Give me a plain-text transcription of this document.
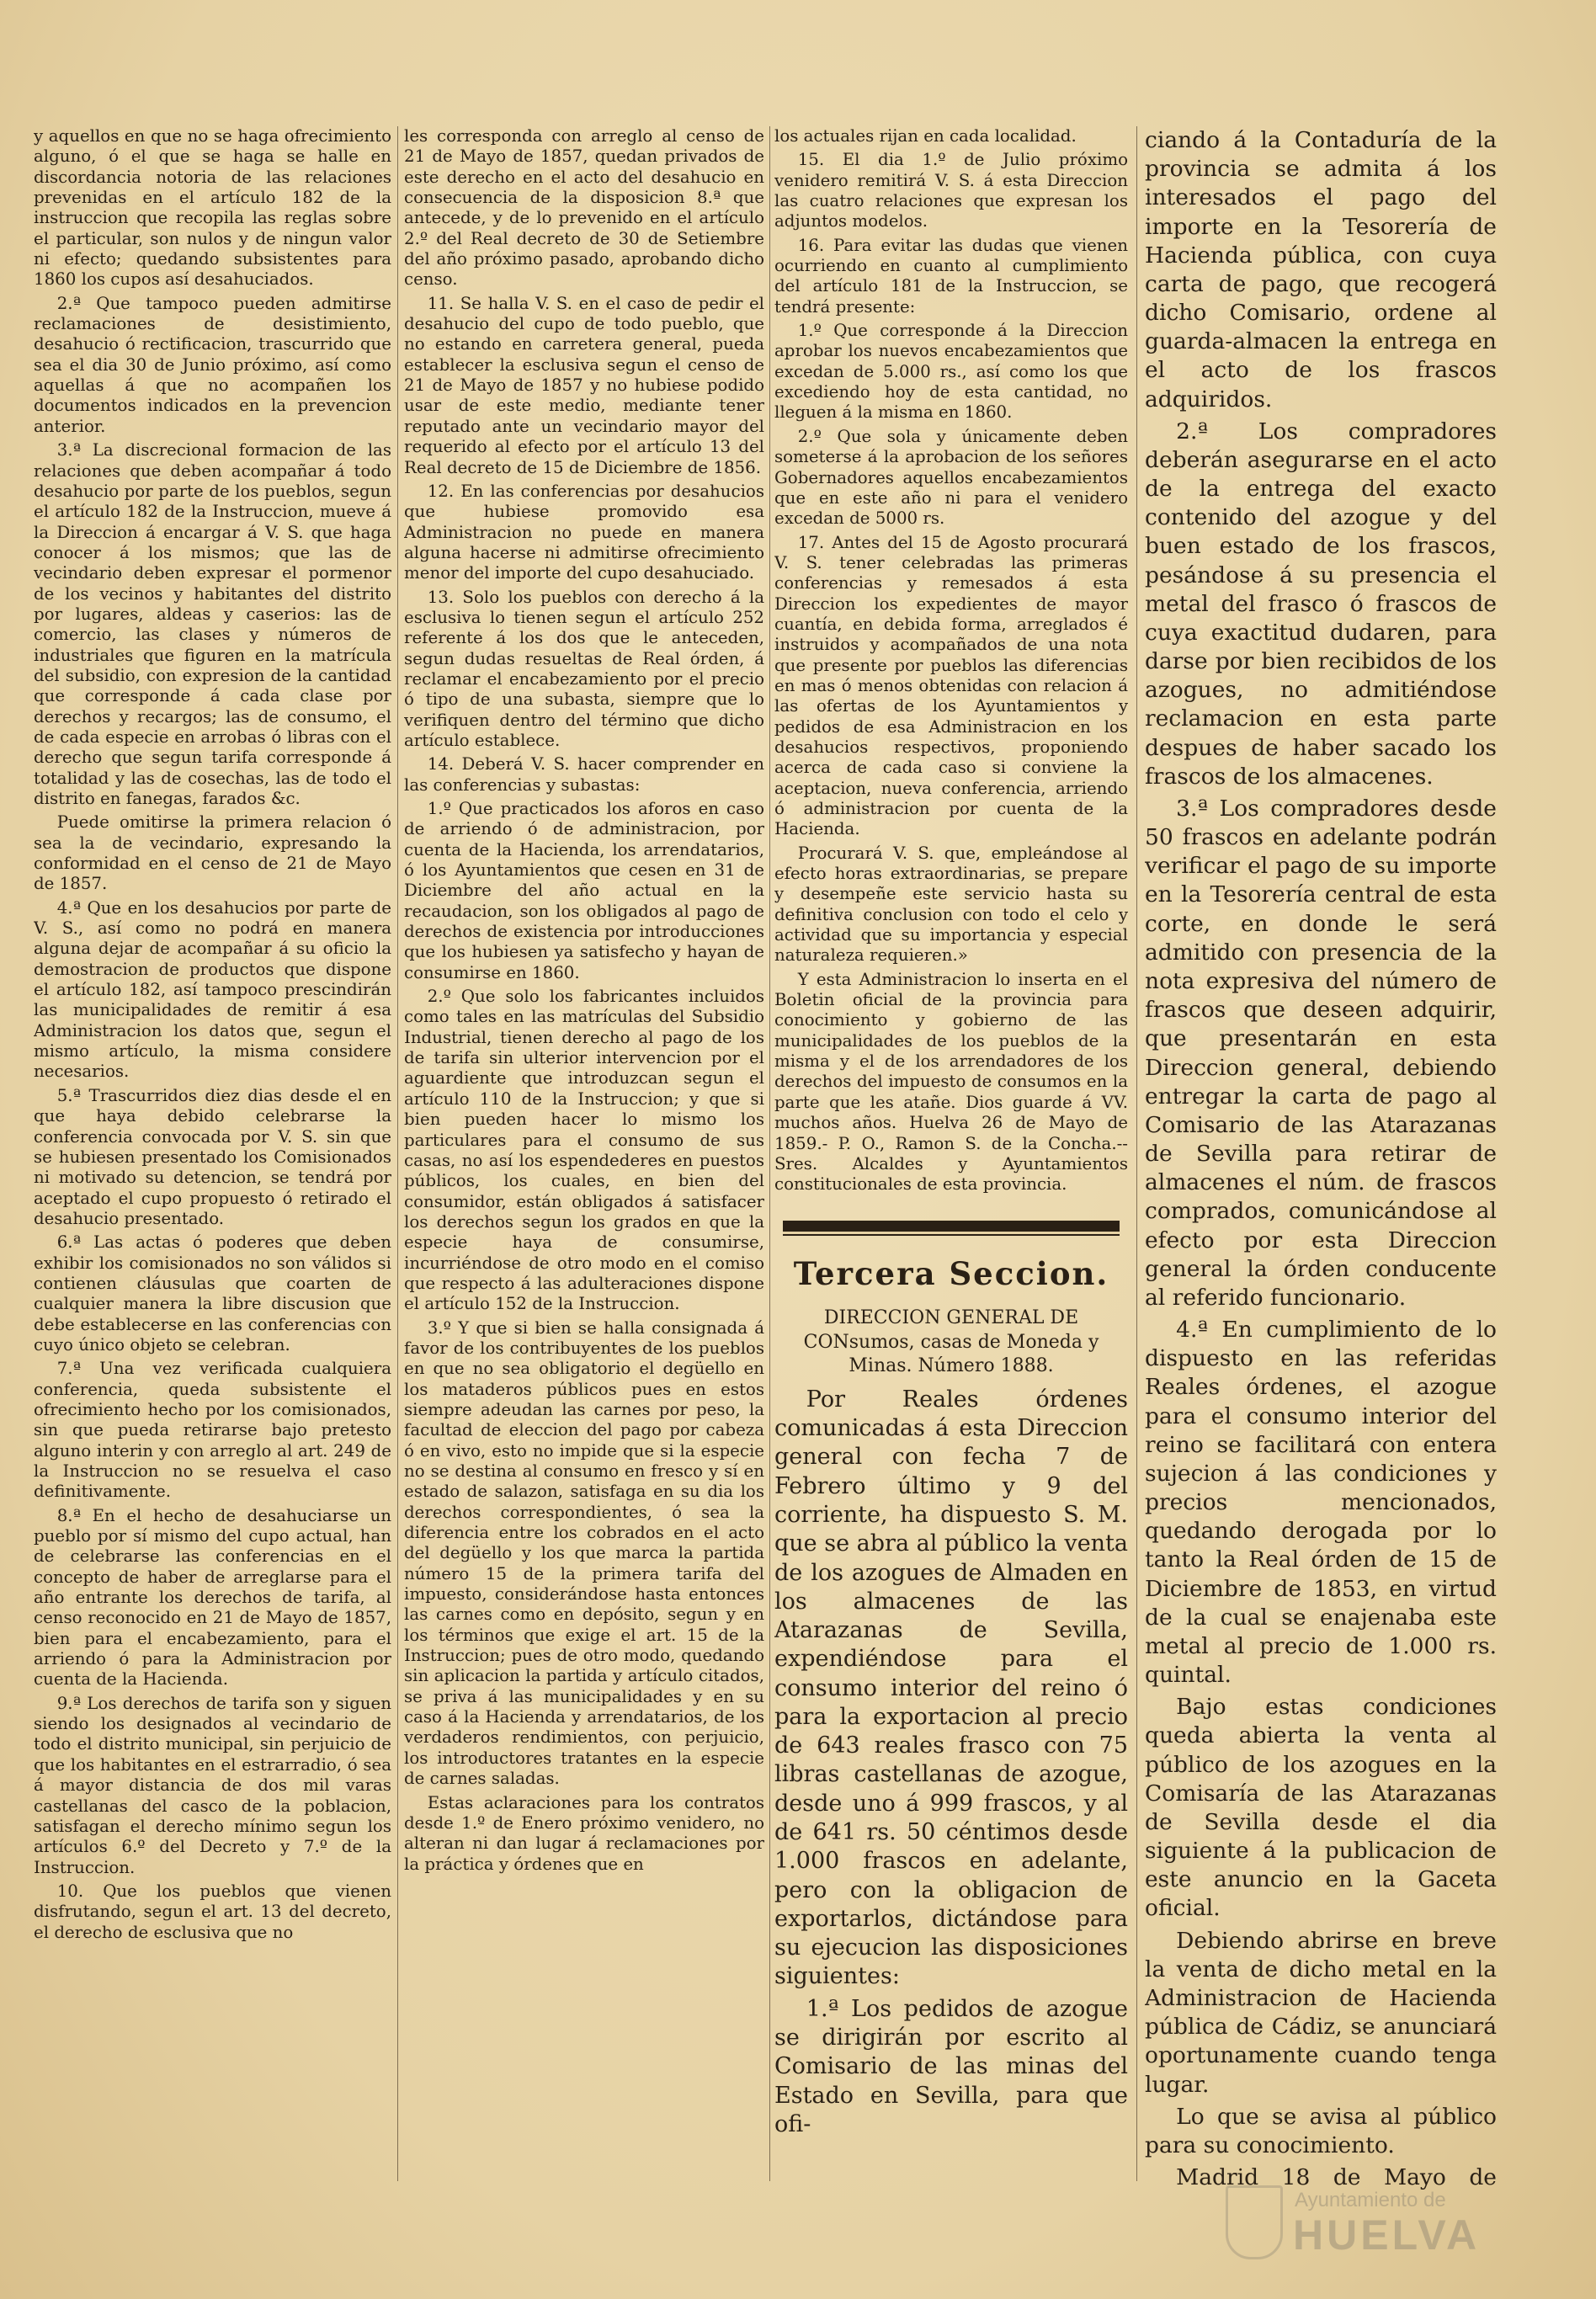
y aquellos en que no se haga ofrecimiento alguno, ó el que se haga se halle en discordancia notoria de las relaciones prevenidas en el artículo 182 de la instruccion que recopila las reglas sobre el particular, son nulos y de ningun valor ni efecto; quedando subsistentes para 1860 los cupos así desahuciados.

2.ª Que tampoco pueden admitirse reclamaciones de desistimiento, desahucio ó rectificacion, trascurrido que sea el dia 30 de Junio próximo, así como aquellas á que no acompañen los documentos indicados en la prevencion anterior.

3.ª La discrecional formacion de las relaciones que deben acompañar á todo desahucio por parte de los pueblos, segun el artículo 182 de la Instruccion, mueve á la Direccion á encargar á V. S. que haga conocer á los mismos; que las de vecindario deben expresar el pormenor de los vecinos y habitantes del distrito por lugares, aldeas y caserios: las de comercio, las clases y números de industriales que figuren en la matrícula del subsidio, con expresion de la cantidad que corresponde á cada clase por derechos y recargos; las de consumo, el de cada especie en arrobas ó libras con el derecho que segun tarifa corresponde á totalidad y las de cosechas, las de todo el distrito en fanegas, farados &c.

Puede omitirse la primera relacion ó sea la de vecindario, expresando la conformidad en el censo de 21 de Mayo de 1857.

4.ª Que en los desahucios por parte de V. S., así como no podrá en manera alguna dejar de acompañar á su oficio la demostracion de productos que dispone el artículo 182, así tampoco prescindirán las municipalidades de remitir á esa Administracion los datos que, segun el mismo artículo, la misma considere necesarios.

5.ª Trascurridos diez dias desde el en que haya debido celebrarse la conferencia convocada por V. S. sin que se hubiesen presentado los Comisionados ni motivado su detencion, se tendrá por aceptado el cupo propuesto ó retirado el desahucio presentado.

6.ª Las actas ó poderes que deben exhibir los comisionados no son válidos si contienen cláusulas que coarten de cualquier manera la libre discusion que debe establecerse en las conferencias con cuyo único objeto se celebran.

7.ª Una vez verificada cualquiera conferencia, queda subsistente el ofrecimiento hecho por los comisionados, sin que pueda retirarse bajo pretesto alguno interin y con arreglo al art. 249 de la Instruccion no se resuelva el caso definitivamente.

8.ª En el hecho de desahuciarse un pueblo por sí mismo del cupo actual, han de celebrarse las conferencias en el concepto de haber de arreglarse para el año entrante los derechos de tarifa, al censo reconocido en 21 de Mayo de 1857, bien para el encabezamiento, para el arriendo ó para la Administracion por cuenta de la Hacienda.

9.ª Los derechos de tarifa son y siguen siendo los designados al vecindario de todo el distrito municipal, sin perjuicio de que los habitantes en el estrarradio, ó sea á mayor distancia de dos mil varas castellanas del casco de la poblacion, satisfagan el derecho mínimo segun los artículos 6.º del Decreto y 7.º de la Instruccion.

10. Que los pueblos que vienen disfrutando, segun el art. 13 del decreto, el derecho de esclusiva que no

les corresponda con arreglo al censo de 21 de Mayo de 1857, quedan privados de este derecho en el acto del desahucio en consecuencia de la disposicion 8.ª que antecede, y de lo prevenido en el artículo 2.º del Real decreto de 30 de Setiembre del año próximo pasado, aprobando dicho censo.

11. Se halla V. S. en el caso de pedir el desahucio del cupo de todo pueblo, que no estando en carretera general, pueda establecer la esclusiva segun el censo de 21 de Mayo de 1857 y no hubiese podido usar de este medio, mediante tener reputado ante un vecindario mayor del requerido al efecto por el artículo 13 del Real decreto de 15 de Diciembre de 1856.

12. En las conferencias por desahucios que hubiese promovido esa Administracion no puede en manera alguna hacerse ni admitirse ofrecimiento menor del importe del cupo desahuciado.

13. Solo los pueblos con derecho á la esclusiva lo tienen segun el artículo 252 referente á los dos que le anteceden, segun dudas resueltas de Real órden, á reclamar el encabezamiento por el precio ó tipo de una subasta, siempre que lo verifiquen dentro del término que dicho artículo establece.

14. Deberá V. S. hacer comprender en las conferencias y subastas:

1.º Que practicados los aforos en caso de arriendo ó de administracion, por cuenta de la Hacienda, los arrendatarios, ó los Ayuntamientos que cesen en 31 de Diciembre del año actual en la recaudacion, son los obligados al pago de derechos de existencia por introducciones que los hubiesen ya satisfecho y hayan de consumirse en 1860.

2.º Que solo los fabricantes incluidos como tales en las matrículas del Subsidio Industrial, tienen derecho al pago de los de tarifa sin ulterior intervencion por el aguardiente que introduzcan segun el artículo 110 de la Instruccion; y que si bien pueden hacer lo mismo los particulares para el consumo de sus casas, no así los espendederes en puestos públicos, los cuales, en bien del consumidor, están obligados á satisfacer los derechos segun los grados en que la especie haya de consumirse, incurriéndose de otro modo en el comiso que respecto á las adulteraciones dispone el artículo 152 de la Instruccion.

3.º Y que si bien se halla consignada á favor de los contribuyentes de los pueblos en que no sea obligatorio el degüello en los mataderos públicos pues en estos siempre adeudan las carnes por peso, la facultad de eleccion del pago por cabeza ó en vivo, esto no impide que si la especie no se destina al consumo en fresco y sí en estado de salazon, satisfaga en su dia los derechos correspondientes, ó sea la diferencia entre los cobrados en el acto del degüello y los que marca la partida número 15 de la primera tarifa del impuesto, considerándose hasta entonces las carnes como en depósito, segun y en los términos que exige el art. 15 de la Instruccion; pues de otro modo, quedando sin aplicacion la partida y artículo citados, se priva á las municipalidades y en su caso á la Hacienda y arrendatarios, de los verdaderos rendimientos, con perjuicio, los introductores tratantes en la especie de carnes saladas.

Estas aclaraciones para los contratos desde 1.º de Enero próximo venidero, no alteran ni dan lugar á reclamaciones por la práctica y órdenes que en

los actuales rijan en cada localidad.

15. El dia 1.º de Julio próximo venidero remitirá V. S. á esta Direccion las cuatro relaciones que expresan los adjuntos modelos.

16. Para evitar las dudas que vienen ocurriendo en cuanto al cumplimiento del artículo 181 de la Instruccion, se tendrá presente:

1.º Que corresponde á la Direccion aprobar los nuevos encabezamientos que excedan de 5.000 rs., así como los que excediendo hoy de esta cantidad, no lleguen á la misma en 1860.

2.º Que sola y únicamente deben someterse á la aprobacion de los señores Gobernadores aquellos encabezamientos que en este año ni para el venidero excedan de 5000 rs.

17. Antes del 15 de Agosto procurará V. S. tener celebradas las primeras conferencias y remesados á esta Direccion los expedientes de mayor cuantía, en debida forma, arreglados é instruidos y acompañados de una nota que presente por pueblos las diferencias en mas ó menos obtenidas con relacion á las ofertas de los Ayuntamientos y pedidos de esa Administracion en los desahucios respectivos, proponiendo acerca de cada caso si conviene la aceptacion, nueva conferencia, arriendo ó administracion por cuenta de la Hacienda.

Procurará V. S. que, empleándose al efecto horas extraordinarias, se prepare y desempeñe este servicio hasta su definitiva conclusion con todo el celo y actividad que su importancia y especial naturaleza requieren.»

Y esta Administracion lo inserta en el Boletin oficial de la provincia para conocimiento y gobierno de las municipalidades de los pueblos de la misma y el de los arrendadores de los derechos del impuesto de consumos en la parte que les atañe. Dios guarde á VV. muchos años. Huelva 26 de Mayo de 1859.- P. O., Ramon S. de la Concha.--Sres. Alcaldes y Ayuntamientos constitucionales de esta provincia.

Tercera Seccion.
DIRECCION GENERAL DE CONsumos, casas de Moneda y Minas. Número 1888.

Por Reales órdenes comunicadas á esta Direccion general con fecha 7 de Febrero último y 9 del corriente, ha dispuesto S. M. que se abra al público la venta de los azogues de Almaden en los almacenes de las Atarazanas de Sevilla, expendiéndose para el consumo interior del reino ó para la exportacion al precio de 643 reales frasco con 75 libras castellanas de azogue, desde uno á 999 frascos, y al de 641 rs. 50 céntimos desde 1.000 frascos en adelante, pero con la obligacion de exportarlos, dictándose para su ejecucion las disposiciones siguientes:

1.ª Los pedidos de azogue se dirigirán por escrito al Comisario de las minas del Estado en Sevilla, para que ofi-

ciando á la Contaduría de la provincia se admita á los interesados el pago del importe en la Tesorería de Hacienda pública, con cuya carta de pago, que recogerá dicho Comisario, ordene al guarda-almacen la entrega en el acto de los frascos adquiridos.

2.ª Los compradores deberán asegurarse en el acto de la entrega del exacto contenido del azogue y del buen estado de los frascos, pesándose á su presencia el metal del frasco ó frascos de cuya exactitud dudaren, para darse por bien recibidos de los azogues, no admitiéndose reclamacion en esta parte despues de haber sacado los frascos de los almacenes.

3.ª Los compradores desde 50 frascos en adelante podrán verificar el pago de su importe en la Tesorería central de esta corte, en donde le será admitido con presencia de la nota expresiva del número de frascos que deseen adquirir, que presentarán en esta Direccion general, debiendo entregar la carta de pago al Comisario de las Atarazanas de Sevilla para retirar de almacenes el núm. de frascos comprados, comunicándose al efecto por esta Direccion general la órden conducente al referido funcionario.

4.ª En cumplimiento de lo dispuesto en las referidas Reales órdenes, el azogue para el consumo interior del reino se facilitará con entera sujecion á las condiciones y precios mencionados, quedando derogada por lo tanto la Real órden de 15 de Diciembre de 1853, en virtud de la cual se enajenaba este metal al precio de 1.000 rs. quintal.

Bajo estas condiciones queda abierta la venta al público de los azogues en la Comisaría de las Atarazanas de Sevilla desde el dia siguiente á la publicacion de este anuncio en la Gaceta oficial.

Debiendo abrirse en breve la venta de dicho metal en la Administracion de Hacienda pública de Cádiz, se anunciará oportunamente cuando tenga lugar.

Lo que se avisa al público para su conocimiento.

Madrid 18 de Mayo de

Ayuntamiento de
HUELVA
